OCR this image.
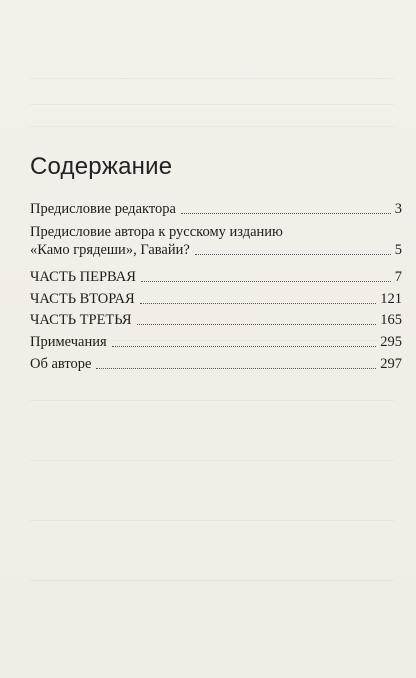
Содержание
Предисловие редактора	3
Предисловие автора к русскому изданию
«Камо грядеши», Гавайи?	5
ЧАСТЬ ПЕРВАЯ	7
ЧАСТЬ ВТОРАЯ	121
ЧАСТЬ ТРЕТЬЯ	165
Примечания	295
Об авторе	297
